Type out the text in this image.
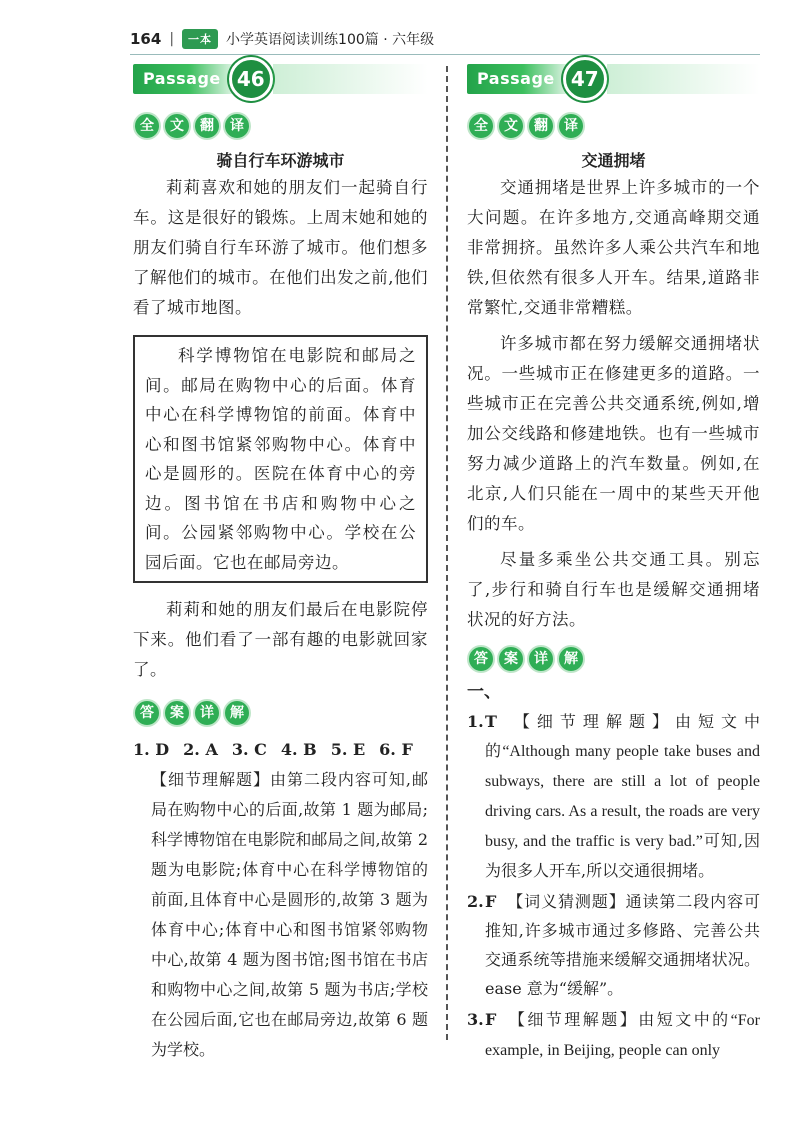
164 |	一本	小学英语阅读训练100篇 · 六年级
Passage 46
全	文	翻	译
骑自行车环游城市

莉莉喜欢和她的朋友们一起骑自行车。这是很好的锻炼。上周末她和她的朋友们骑自行车环游了城市。他们想多了解他们的城市。在他们出发之前,他们看了城市地图。

科学博物馆在电影院和邮局之间。邮局在购物中心的后面。体育中心在科学博物馆的前面。体育中心和图书馆紧邻购物中心。体育中心是圆形的。医院在体育中心的旁边。图书馆在书店和购物中心之间。公园紧邻购物中心。学校在公园后面。它也在邮局旁边。

莉莉和她的朋友们最后在电影院停下来。他们看了一部有趣的电影就回家了。

答	案	详	解
1. D 2. A 3. C 4. B 5. E 6. F

【细节理解题】由第二段内容可知,邮局在购物中心的后面,故第 1 题为邮局;科学博物馆在电影院和邮局之间,故第 2 题为电影院;体育中心在科学博物馆的前面,且体育中心是圆形的,故第 3 题为体育中心;体育中心和图书馆紧邻购物中心,故第 4 题为图书馆;图书馆在书店和购物中心之间,故第 5 题为书店;学校在公园后面,它也在邮局旁边,故第 6 题为学校。

Passage 47
全	文	翻	译
交通拥堵

交通拥堵是世界上许多城市的一个大问题。在许多地方,交通高峰期交通非常拥挤。虽然许多人乘公共汽车和地铁,但依然有很多人开车。结果,道路非常繁忙,交通非常糟糕。

许多城市都在努力缓解交通拥堵状况。一些城市正在修建更多的道路。一些城市正在完善公共交通系统,例如,增加公交线路和修建地铁。也有一些城市努力减少道路上的汽车数量。例如,在北京,人们只能在一周中的某些天开他们的车。

尽量多乘坐公共交通工具。别忘了,步行和骑自行车也是缓解交通拥堵状况的好方法。

答	案	详	解
一、
1. T 【细节理解题】由短文中的“Although many people take buses and subways, there are still a lot of people driving cars. As a result, the roads are very busy, and the traffic is very bad.”可知,因为很多人开车,所以交通很拥堵。
2. F 【词义猜测题】通读第二段内容可推知,许多城市通过多修路、完善公共交通系统等措施来缓解交通拥堵状况。ease 意为“缓解”。
3. F 【细节理解题】由短文中的“For example, in Beijing, people can only
